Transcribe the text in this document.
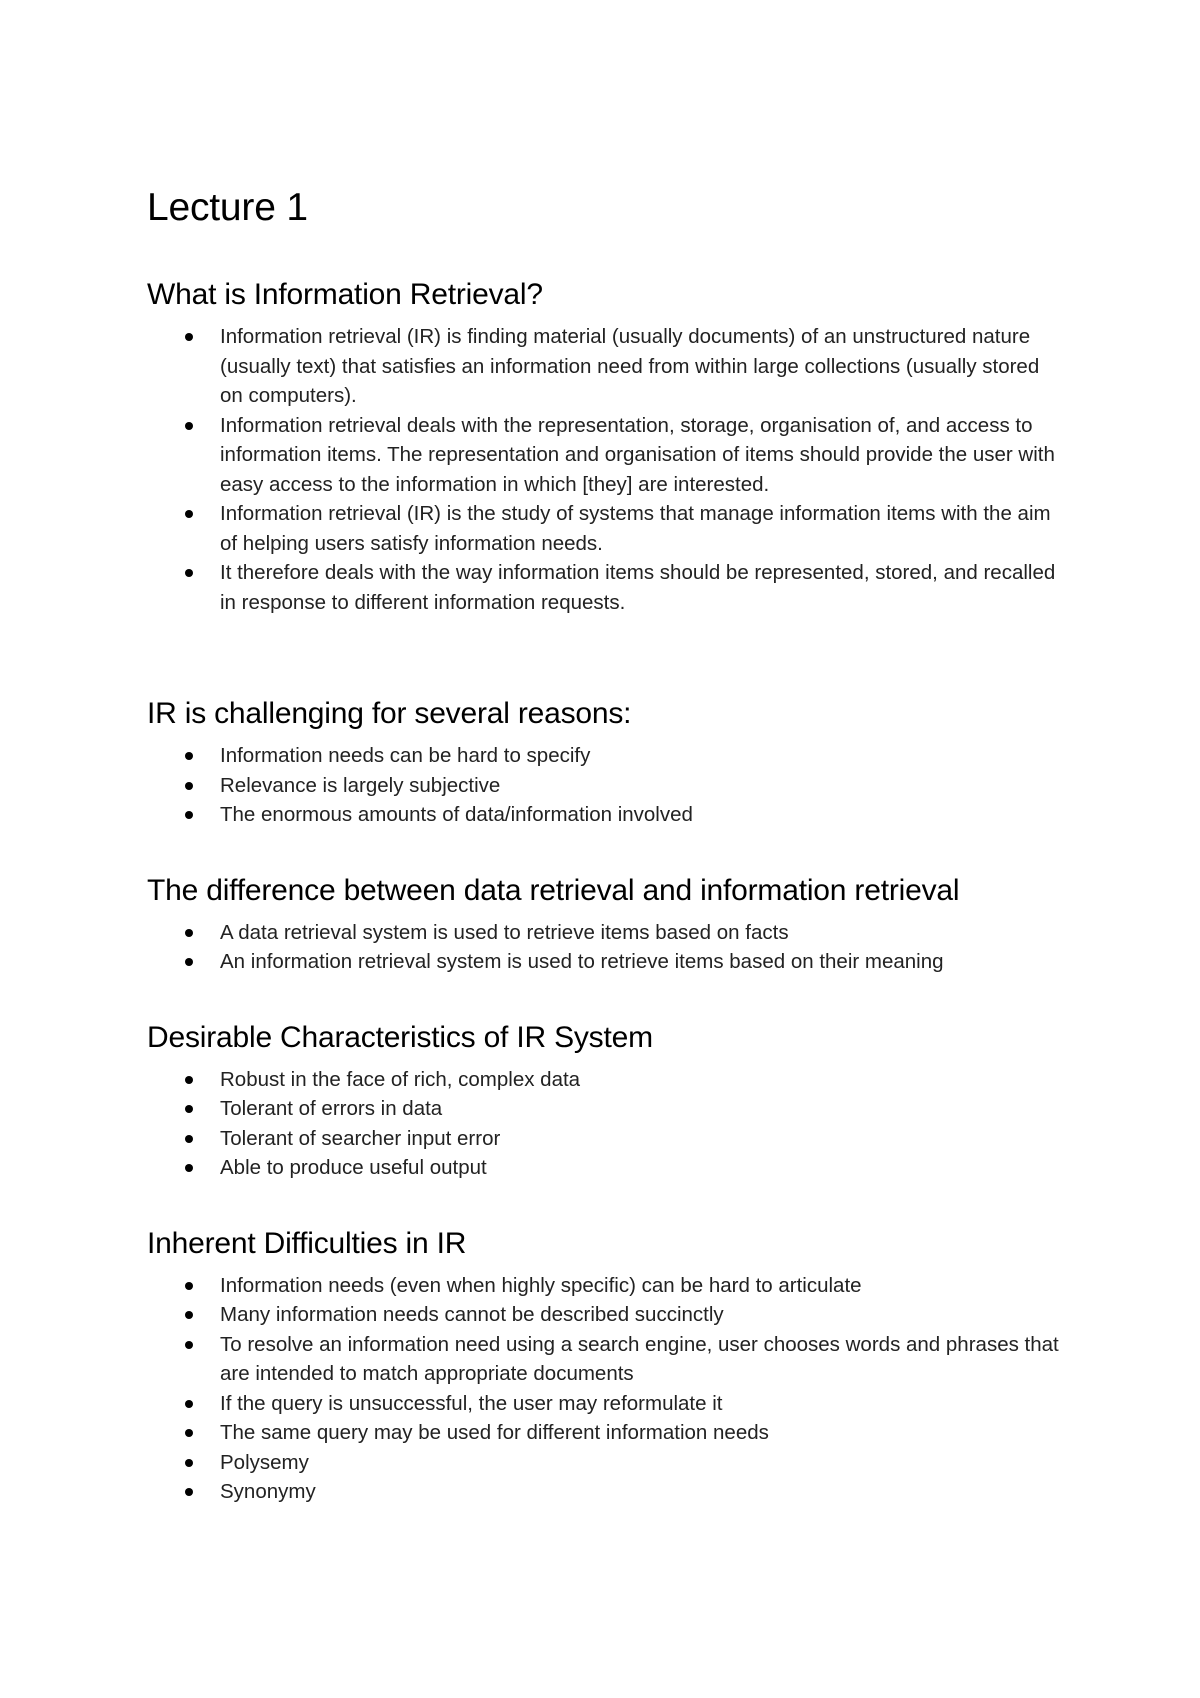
Lecture 1
What is Information Retrieval?
Information retrieval (IR) is finding material (usually documents) of an unstructured nature (usually text) that satisfies an information need from within large collections (usually stored on computers).
Information retrieval deals with the representation, storage, organisation of, and access to information items. The representation and organisation of items should provide the user with easy access to the information in which [they] are interested.
Information retrieval (IR) is the study of systems that manage information items with the aim of helping users satisfy information needs.
It therefore deals with the way information items should be represented, stored, and recalled in response to different information requests.
IR is challenging for several reasons:
Information needs can be hard to specify
Relevance is largely subjective
The enormous amounts of data/information involved
The difference between data retrieval and information retrieval
A data retrieval system is used to retrieve items based on facts
An information retrieval system is used to retrieve items based on their meaning
Desirable Characteristics of IR System
Robust in the face of rich, complex data
Tolerant of errors in data
Tolerant of searcher input error
Able to produce useful output
Inherent Difficulties in IR
Information needs (even when highly specific) can be hard to articulate
Many information needs cannot be described succinctly
To resolve an information need using a search engine, user chooses words and phrases that are intended to match appropriate documents
If the query is unsuccessful, the user may reformulate it
The same query may be used for different information needs
Polysemy
Synonymy
